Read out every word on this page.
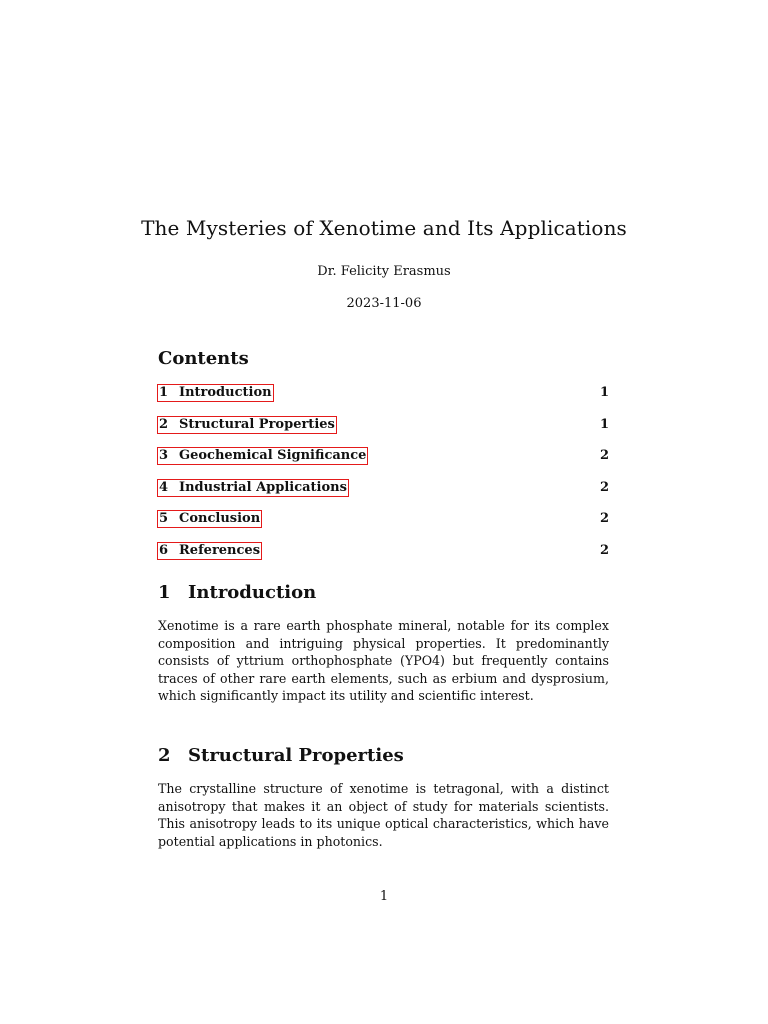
The Mysteries of Xenotime and Its Applications
Dr. Felicity Erasmus
2023-11-06
Contents
1 Introduction	1
2 Structural Properties	1
3 Geochemical Significance	2
4 Industrial Applications	2
5 Conclusion	2
6 References	2
1 Introduction

Xenotime is a rare earth phosphate mineral, notable for its complex composition and intriguing physical properties. It predominantly consists of yttrium orthophosphate (YPO4) but frequently contains traces of other rare earth elements, such as erbium and dysprosium, which significantly impact its utility and scientific interest.

2 Structural Properties

The crystalline structure of xenotime is tetragonal, with a distinct anisotropy that makes it an object of study for materials scientists. This anisotropy leads to its unique optical characteristics, which have potential applications in photonics.

1
